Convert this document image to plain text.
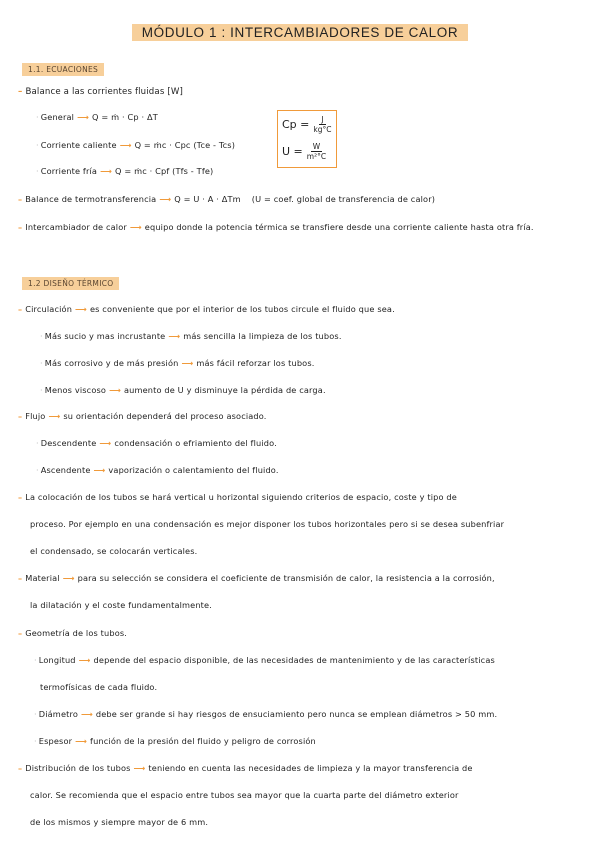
MÓDULO 1 : INTERCAMBIADORES DE CALOR
1.1. ECUACIONES
– Balance a las corrientes fluidas [W]
· General ⟶ Q = ṁ · Cp · ΔT
· Corriente caliente ⟶ Q = ṁc · Cpc (Tce - Tcs)
· Corriente fría ⟶ Q = ṁc · Cpf (Tfs - Tfe)
$Cp = \frac{J}{kg^\circ C}$
$U = \frac{W}{\text{m²°C}}$
– Balance de termotransferencia ⟶ Q = U · A · ΔTm (U = coef. global de transferencia de calor)
– Intercambiador de calor ⟶ equipo donde la potencia térmica se transfiere desde una corriente caliente hasta otra fría.
1.2 DISEÑO TÉRMICO
– Circulación ⟶ es conveniente que por el interior de los tubos circule el fluido que sea.
· Más sucio y mas incrustante ⟶ más sencilla la limpieza de los tubos.
· Más corrosivo y de más presión ⟶ más fácil reforzar los tubos.
· Menos viscoso ⟶ aumento de U y disminuye la pérdida de carga.
– Flujo ⟶ su orientación dependerá del proceso asociado.
· Descendente ⟶ condensación o efriamiento del fluido.
· Ascendente ⟶ vaporización o calentamiento del fluido.
– La colocación de los tubos se hará vertical u horizontal siguiendo criterios de espacio, coste y tipo de
proceso. Por ejemplo en una condensación es mejor disponer los tubos horizontales pero si se desea subenfriar
el condensado, se colocarán verticales.
– Material ⟶ para su selección se considera el coeficiente de transmisión de calor, la resistencia a la corrosión,
la dilatación y el coste fundamentalmente.
– Geometría de los tubos.
· Longitud ⟶ depende del espacio disponible, de las necesidades de mantenimiento y de las características
termofísicas de cada fluido.
· Diámetro ⟶ debe ser grande si hay riesgos de ensuciamiento pero nunca se emplean diámetros > 50 mm.
· Espesor ⟶ función de la presión del fluido y peligro de corrosión
– Distribución de los tubos ⟶ teniendo en cuenta las necesidades de limpieza y la mayor transferencia de
calor. Se recomienda que el espacio entre tubos sea mayor que la cuarta parte del diámetro exterior
de los mismos y siempre mayor de 6 mm.
